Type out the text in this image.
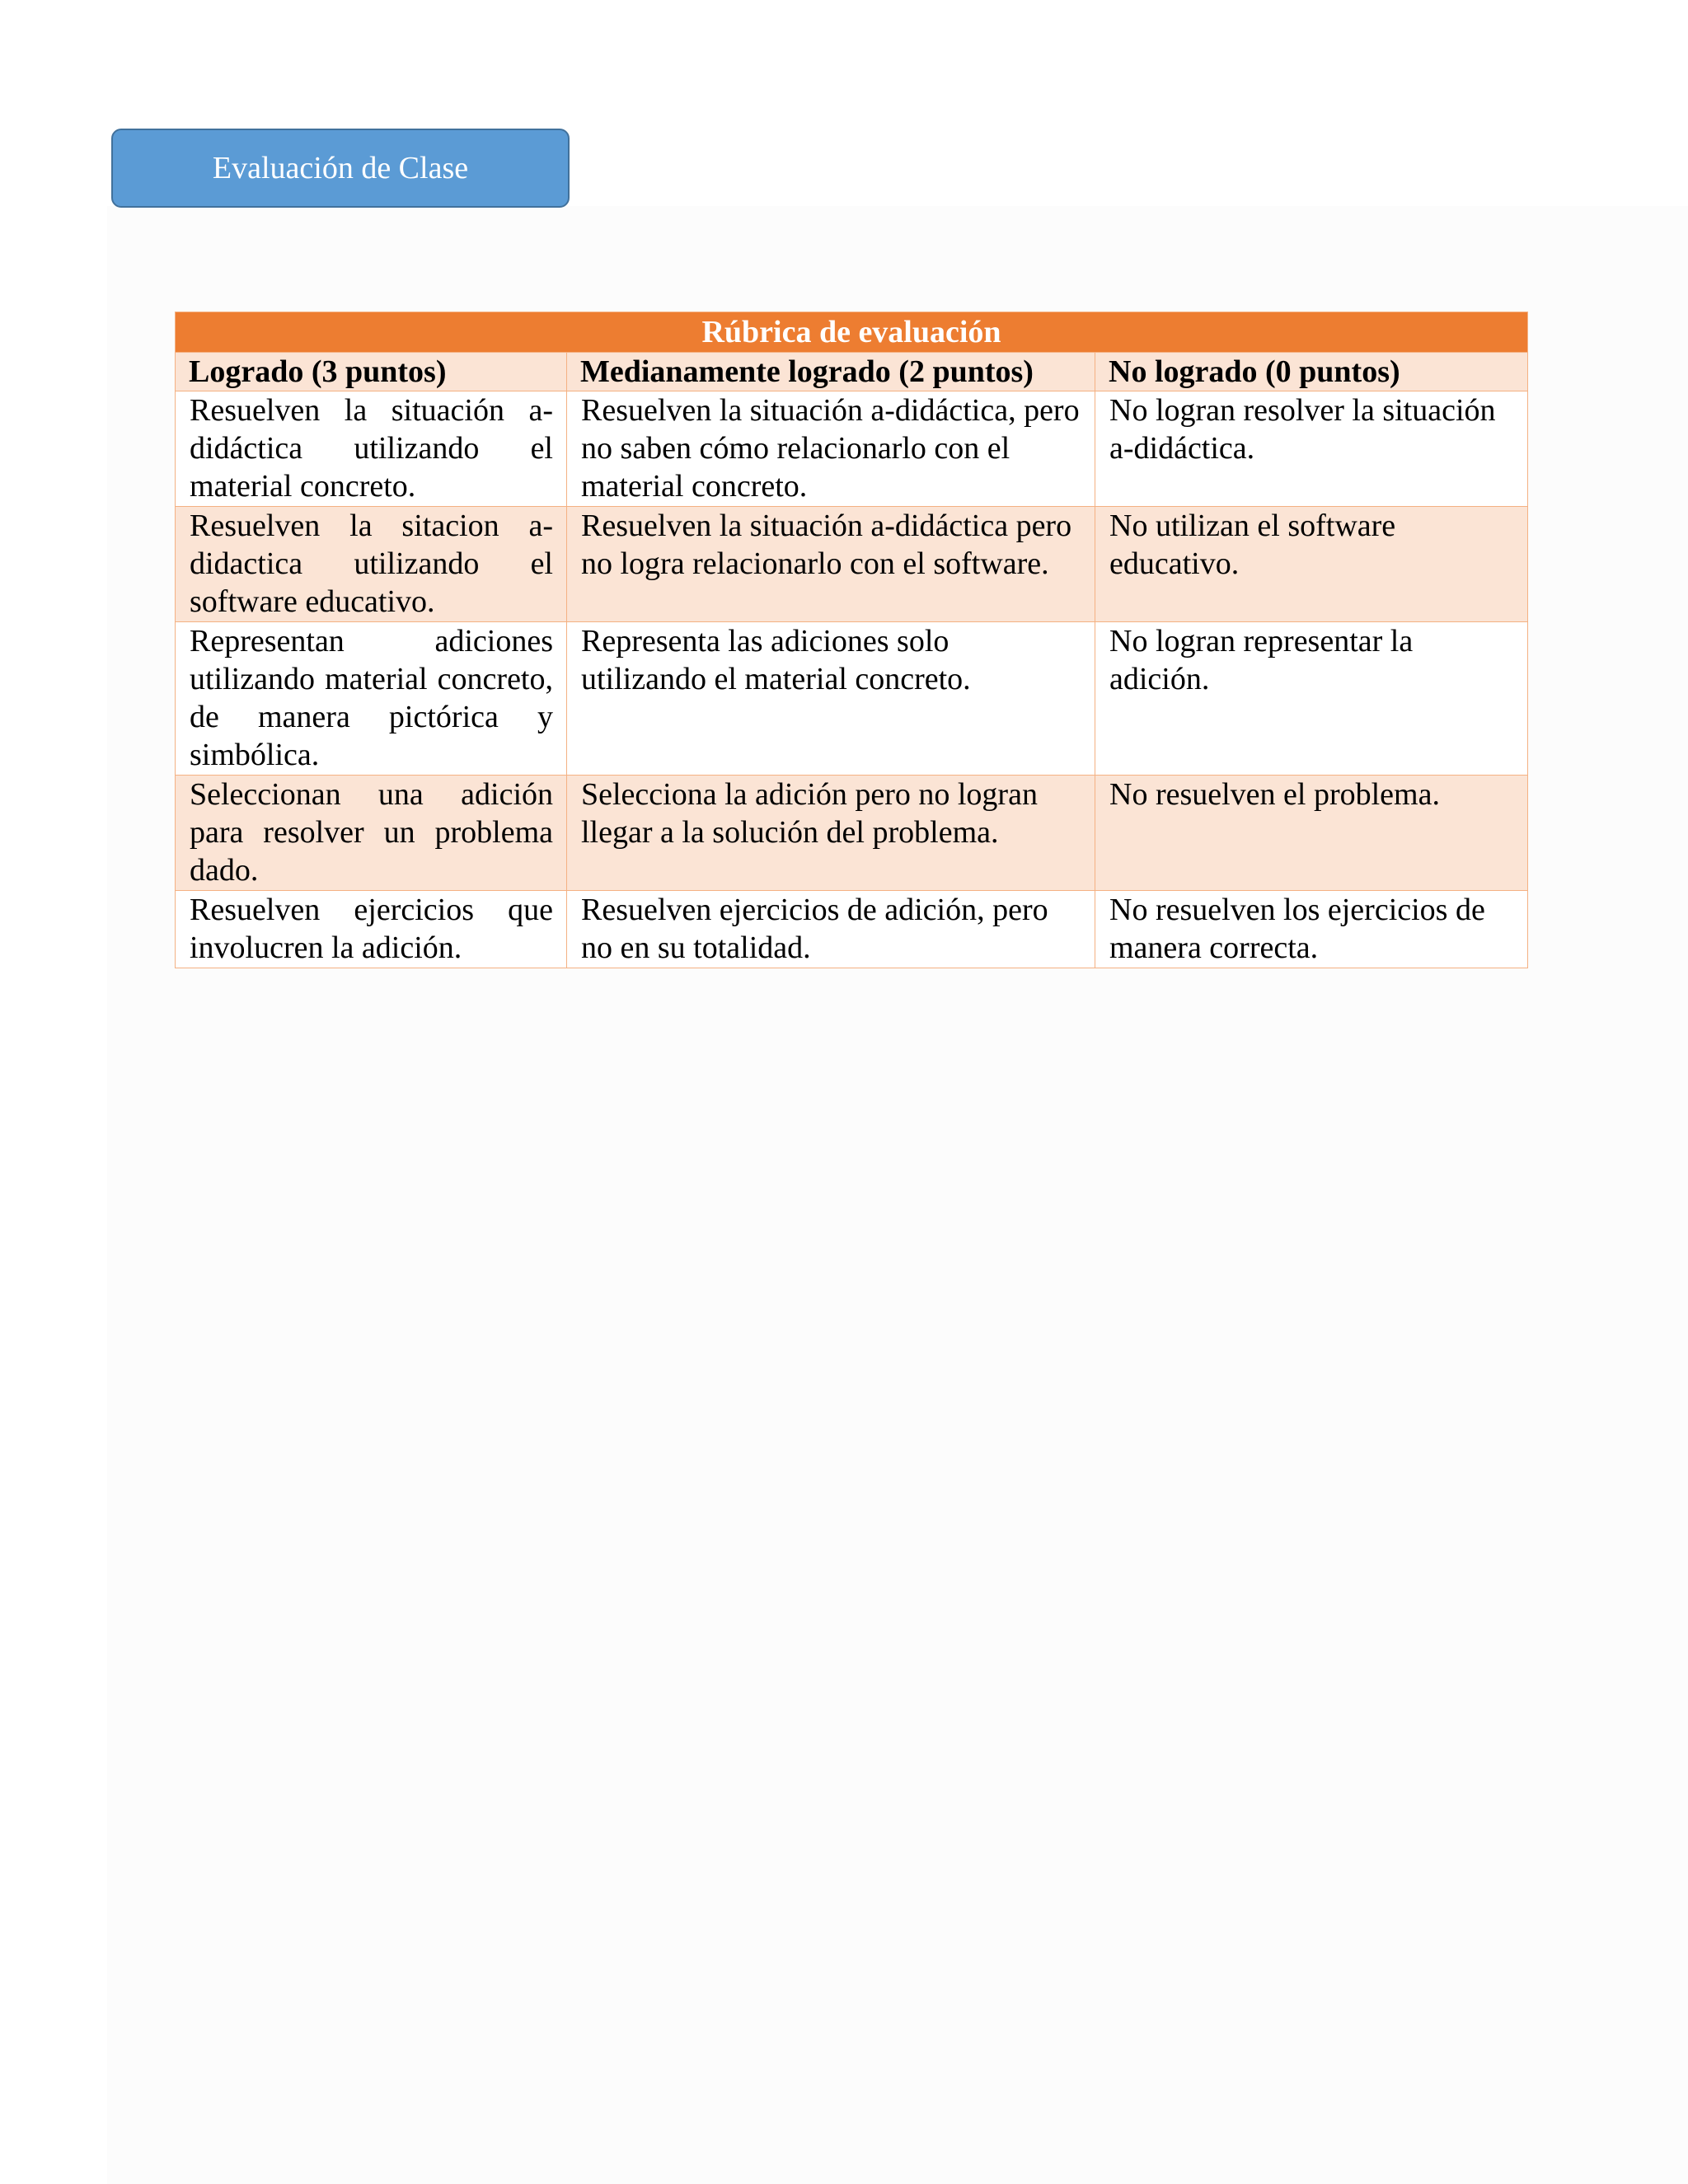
Evaluación de Clase
Rúbrica de evaluación		
Logrado (3 puntos)	Medianamente logrado (2 puntos)	No logrado (0 puntos)
Resuelven la situación a-didáctica utilizando el material concreto.	Resuelven la situación a-didáctica, pero no saben cómo relacionarlo con el material concreto.	No logran resolver la situación a-didáctica.
Resuelven la sitacion a-didactica utilizando el software educativo.	Resuelven la situación a-didáctica pero no logra relacionarlo con el software.	No utilizan el software educativo.
Representan adiciones utilizando material concreto, de manera pictórica y simbólica.	Representa las adiciones solo utilizando el material concreto.	No logran representar la adición.
Seleccionan una adición para resolver un problema dado.	Selecciona la adición pero no logran llegar a la solución del problema.	No resuelven el problema.
Resuelven ejercicios que involucren la adición.	Resuelven ejercicios de adición, pero no en su totalidad.	No resuelven los ejercicios de manera correcta.
